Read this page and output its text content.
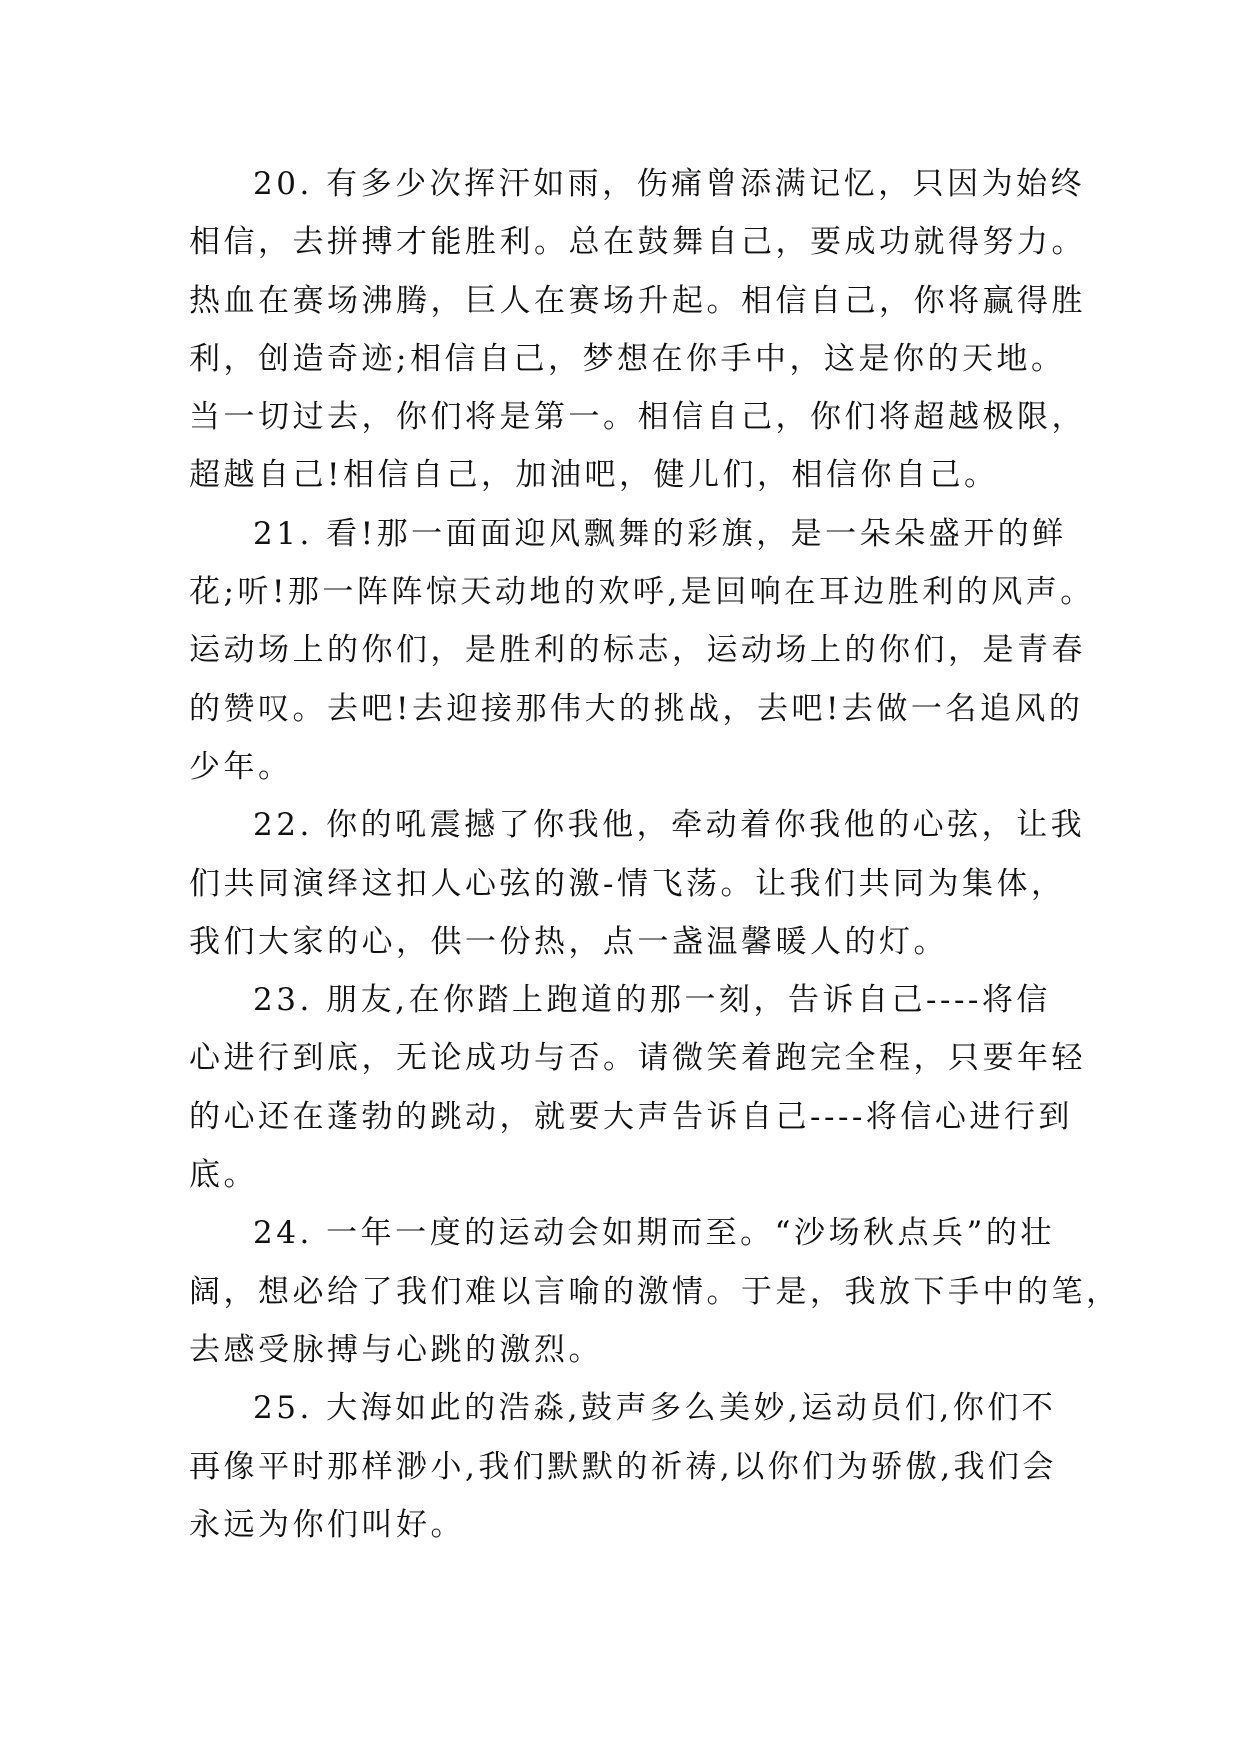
20. 有多少次挥汗如雨，伤痛曾添满记忆，只因为始终
相信，去拼搏才能胜利。总在鼓舞自己，要成功就得努力。
热血在赛场沸腾，巨人在赛场升起。相信自己，你将赢得胜
利，创造奇迹;相信自己，梦想在你手中，这是你的天地。
当一切过去，你们将是第一。相信自己，你们将超越极限，
超越自己!相信自己，加油吧，健儿们，相信你自己。
21. 看!那一面面迎风飘舞的彩旗，是一朵朵盛开的鲜
花;听!那一阵阵惊天动地的欢呼,是回响在耳边胜利的风声。
运动场上的你们，是胜利的标志，运动场上的你们，是青春
的赞叹。去吧!去迎接那伟大的挑战，去吧!去做一名追风的
少年。
22. 你的吼震撼了你我他，牵动着你我他的心弦，让我
们共同演绎这扣人心弦的激-情飞荡。让我们共同为集体，
我们大家的心，供一份热，点一盏温馨暖人的灯。
23. 朋友,在你踏上跑道的那一刻，告诉自己----将信
心进行到底，无论成功与否。请微笑着跑完全程，只要年轻
的心还在蓬勃的跳动，就要大声告诉自己----将信心进行到
底。
24. 一年一度的运动会如期而至。“沙场秋点兵”的壮
阔，想必给了我们难以言喻的激情。于是，我放下手中的笔，
去感受脉搏与心跳的激烈。
25. 大海如此的浩淼,鼓声多么美妙,运动员们,你们不
再像平时那样渺小,我们默默的祈祷,以你们为骄傲,我们会
永远为你们叫好。
